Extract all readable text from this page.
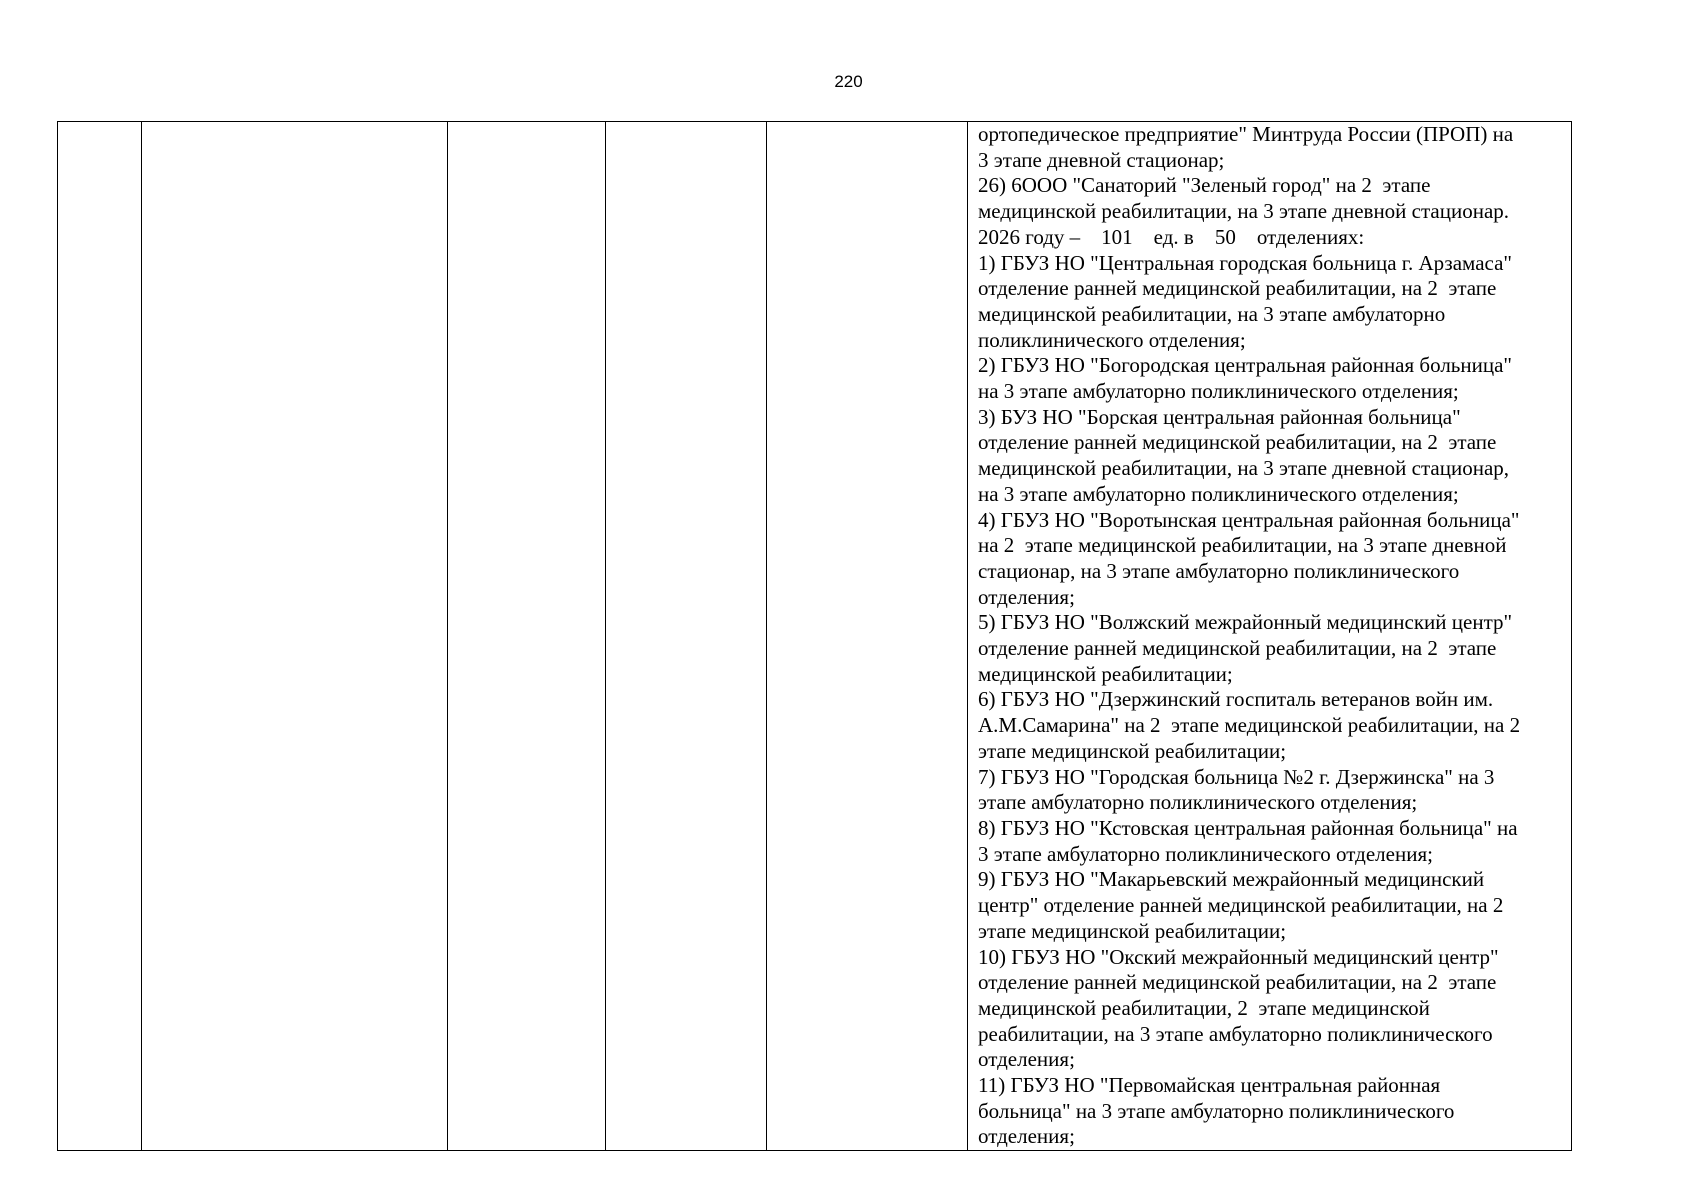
220

ортопедическое предприятие" Минтруда России (ПРОП) на
3 этапе дневной стационар;
26) 6ООО "Санаторий "Зеленый город" на 2  этапе
медицинской реабилитации, на 3 этапе дневной стационар.
2026 году –    101    ед. в    50    отделениях:
1) ГБУЗ НО "Центральная городская больница г. Арзамаса"
отделение ранней медицинской реабилитации, на 2  этапе
медицинской реабилитации, на 3 этапе амбулаторно
поликлинического отделения;
2) ГБУЗ НО "Богородская центральная районная больница"
на 3 этапе амбулаторно поликлинического отделения;
3) БУЗ НО "Борская центральная районная больница"
отделение ранней медицинской реабилитации, на 2  этапе
медицинской реабилитации, на 3 этапе дневной стационар,
на 3 этапе амбулаторно поликлинического отделения;
4) ГБУЗ НО "Воротынская центральная районная больница"
на 2  этапе медицинской реабилитации, на 3 этапе дневной
стационар, на 3 этапе амбулаторно поликлинического
отделения;
5) ГБУЗ НО "Волжский межрайонный медицинский центр"
отделение ранней медицинской реабилитации, на 2  этапе
медицинской реабилитации;
6) ГБУЗ НО "Дзержинский госпиталь ветеранов войн им.
А.М.Самарина" на 2  этапе медицинской реабилитации, на 2
этапе медицинской реабилитации;
7) ГБУЗ НО "Городская больница №2 г. Дзержинска" на 3
этапе амбулаторно поликлинического отделения;
8) ГБУЗ НО "Кстовская центральная районная больница" на
3 этапе амбулаторно поликлинического отделения;
9) ГБУЗ НО "Макарьевский межрайонный медицинский
центр" отделение ранней медицинской реабилитации, на 2
этапе медицинской реабилитации;
10) ГБУЗ НО "Окский межрайонный медицинский центр"
отделение ранней медицинской реабилитации, на 2  этапе
медицинской реабилитации, 2  этапе медицинской
реабилитации, на 3 этапе амбулаторно поликлинического
отделения;
11) ГБУЗ НО "Первомайская центральная районная
больница" на 3 этапе амбулаторно поликлинического
отделения;
